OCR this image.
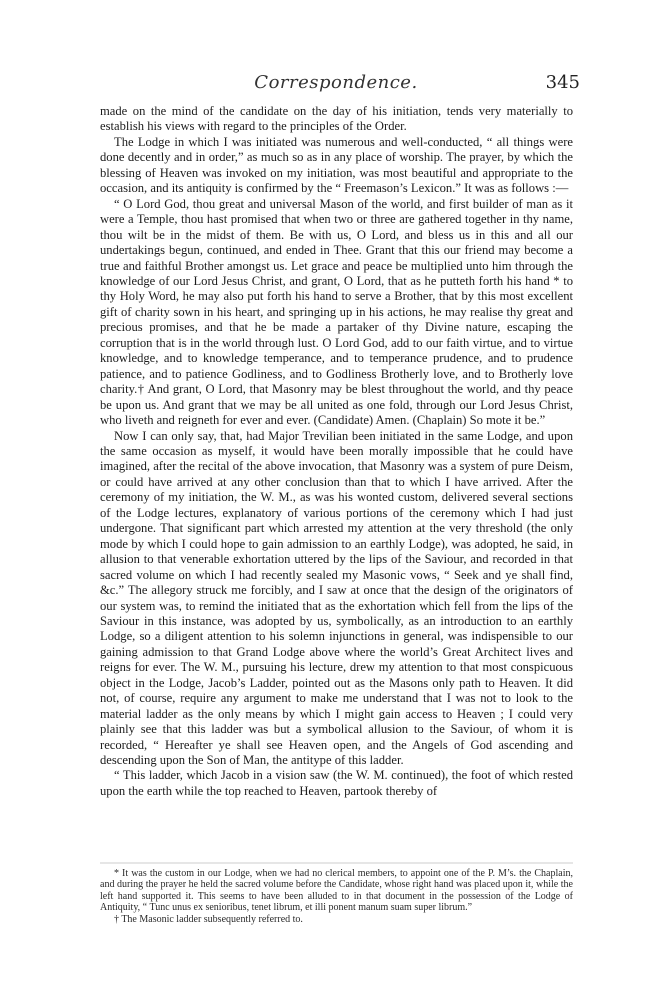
Correspondence.	345

made on the mind of the candidate on the day of his initiation, tends very materially to establish his views with regard to the principles of the Order.

The Lodge in which I was initiated was numerous and well-conducted, “ all things were done decently and in order,” as much so as in any place of worship. The prayer, by which the blessing of Heaven was invoked on my initiation, was most beautiful and appropriate to the occasion, and its antiquity is confirmed by the “ Freemason’s Lexicon.” It was as follows :—

“ O Lord God, thou great and universal Mason of the world, and first builder of man as it were a Temple, thou hast promised that when two or three are gathered together in thy name, thou wilt be in the midst of them. Be with us, O Lord, and bless us in this and all our undertakings begun, continued, and ended in Thee. Grant that this our friend may become a true and faithful Brother amongst us. Let grace and peace be multiplied unto him through the knowledge of our Lord Jesus Christ, and grant, O Lord, that as he putteth forth his hand * to thy Holy Word, he may also put forth his hand to serve a Brother, that by this most excellent gift of charity sown in his heart, and springing up in his actions, he may realise thy great and precious promises, and that he be made a partaker of thy Divine nature, escaping the corruption that is in the world through lust. O Lord God, add to our faith virtue, and to virtue knowledge, and to knowledge temperance, and to temperance prudence, and to prudence patience, and to patience Godliness, and to Godliness Brotherly love, and to Brotherly love charity.† And grant, O Lord, that Masonry may be blest throughout the world, and thy peace be upon us. And grant that we may be all united as one fold, through our Lord Jesus Christ, who liveth and reigneth for ever and ever. (Candidate) Amen. (Chaplain) So mote it be.”

Now I can only say, that, had Major Trevilian been initiated in the same Lodge, and upon the same occasion as myself, it would have been morally impossible that he could have imagined, after the recital of the above invocation, that Masonry was a system of pure Deism, or could have arrived at any other conclusion than that to which I have arrived. After the ceremony of my initiation, the W. M., as was his wonted custom, delivered several sections of the Lodge lectures, explanatory of various portions of the ceremony which I had just undergone. That significant part which arrested my attention at the very threshold (the only mode by which I could hope to gain admission to an earthly Lodge), was adopted, he said, in allusion to that venerable exhortation uttered by the lips of the Saviour, and recorded in that sacred volume on which I had recently sealed my Masonic vows, “ Seek and ye shall find, &c.” The allegory struck me forcibly, and I saw at once that the design of the originators of our system was, to remind the initiated that as the exhortation which fell from the lips of the Saviour in this instance, was adopted by us, symbolically, as an introduction to an earthly Lodge, so a diligent attention to his solemn injunctions in general, was indispensible to our gaining admission to that Grand Lodge above where the world’s Great Architect lives and reigns for ever. The W. M., pursuing his lecture, drew my attention to that most conspicuous object in the Lodge, Jacob’s Ladder, pointed out as the Masons only path to Heaven. It did not, of course, require any argument to make me understand that I was not to look to the material ladder as the only means by which I might gain access to Heaven ; I could very plainly see that this ladder was but a symbolical allusion to the Saviour, of whom it is recorded, “ Hereafter ye shall see Heaven open, and the Angels of God ascending and descending upon the Son of Man, the antitype of this ladder.

“ This ladder, which Jacob in a vision saw (the W. M. continued), the foot of which rested upon the earth while the top reached to Heaven, partook thereby of

* It was the custom in our Lodge, when we had no clerical members, to appoint one of the P. M’s. the Chaplain, and during the prayer he held the sacred volume before the Candidate, whose right hand was placed upon it, while the left hand supported it. This seems to have been alluded to in that document in the possession of the Lodge of Antiquity, “ Tunc unus ex senioribus, tenet librum, et illi ponent manum suam super librum.”

† The Masonic ladder subsequently referred to.
